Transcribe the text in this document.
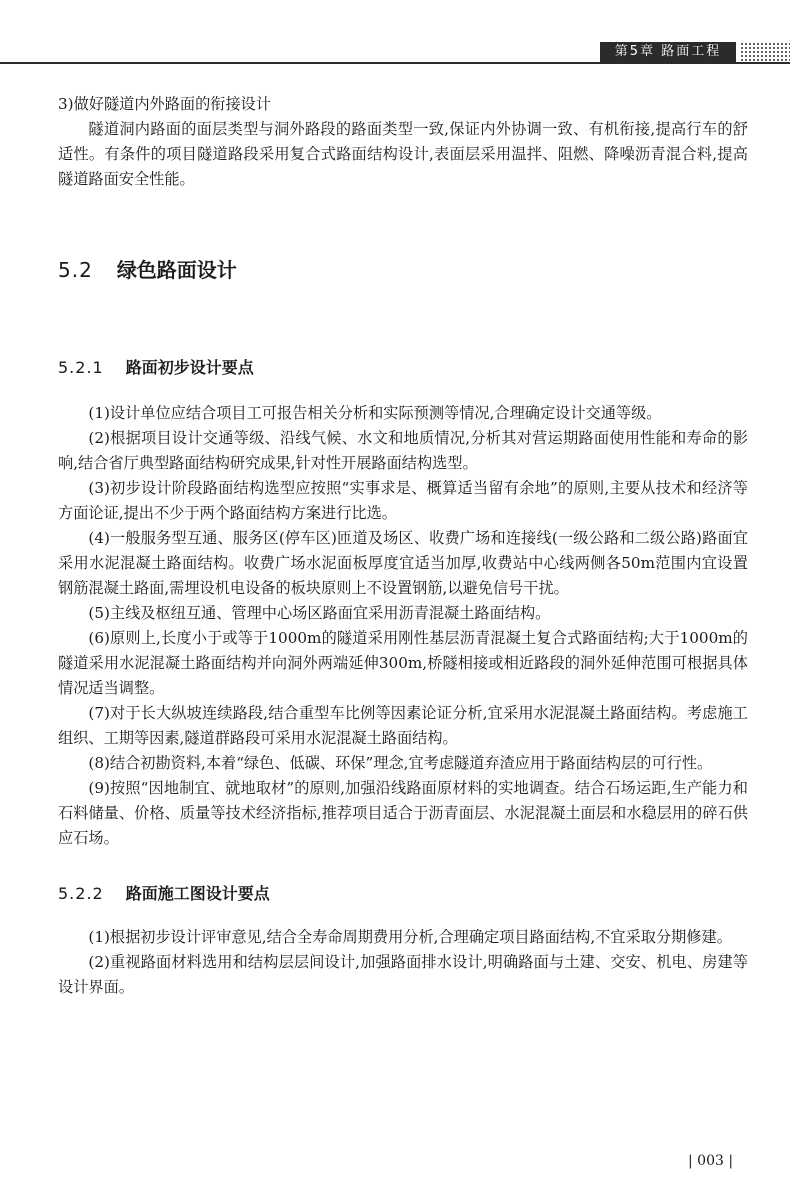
第5章 路面工程

3)做好隧道内外路面的衔接设计

隧道洞内路面的面层类型与洞外路段的路面类型一致,保证内外协调一致、有机衔接,提高行车的舒适性。有条件的项目隧道路段采用复合式路面结构设计,表面层采用温拌、阻燃、降噪沥青混合料,提高隧道路面安全性能。

5.2 绿色路面设计
5.2.1 路面初步设计要点

(1)设计单位应结合项目工可报告相关分析和实际预测等情况,合理确定设计交通等级。

(2)根据项目设计交通等级、沿线气候、水文和地质情况,分析其对营运期路面使用性能和寿命的影响,结合省厅典型路面结构研究成果,针对性开展路面结构选型。

(3)初步设计阶段路面结构选型应按照“实事求是、概算适当留有余地”的原则,主要从技术和经济等方面论证,提出不少于两个路面结构方案进行比选。

(4)一般服务型互通、服务区(停车区)匝道及场区、收费广场和连接线(一级公路和二级公路)路面宜采用水泥混凝土路面结构。收费广场水泥面板厚度宜适当加厚,收费站中心线两侧各50m范围内宜设置钢筋混凝土路面,需埋设机电设备的板块原则上不设置钢筋,以避免信号干扰。

(5)主线及枢纽互通、管理中心场区路面宜采用沥青混凝土路面结构。

(6)原则上,长度小于或等于1000m的隧道采用刚性基层沥青混凝土复合式路面结构;大于1000m的隧道采用水泥混凝土路面结构并向洞外两端延伸300m,桥隧相接或相近路段的洞外延伸范围可根据具体情况适当调整。

(7)对于长大纵坡连续路段,结合重型车比例等因素论证分析,宜采用水泥混凝土路面结构。考虑施工组织、工期等因素,隧道群路段可采用水泥混凝土路面结构。

(8)结合初勘资料,本着“绿色、低碳、环保”理念,宜考虑隧道弃渣应用于路面结构层的可行性。

(9)按照“因地制宜、就地取材”的原则,加强沿线路面原材料的实地调查。结合石场运距,生产能力和石料储量、价格、质量等技术经济指标,推荐项目适合于沥青面层、水泥混凝土面层和水稳层用的碎石供应石场。

5.2.2 路面施工图设计要点

(1)根据初步设计评审意见,结合全寿命周期费用分析,合理确定项目路面结构,不宜采取分期修建。

(2)重视路面材料选用和结构层层间设计,加强路面排水设计,明确路面与土建、交安、机电、房建等设计界面。

| 003 |
